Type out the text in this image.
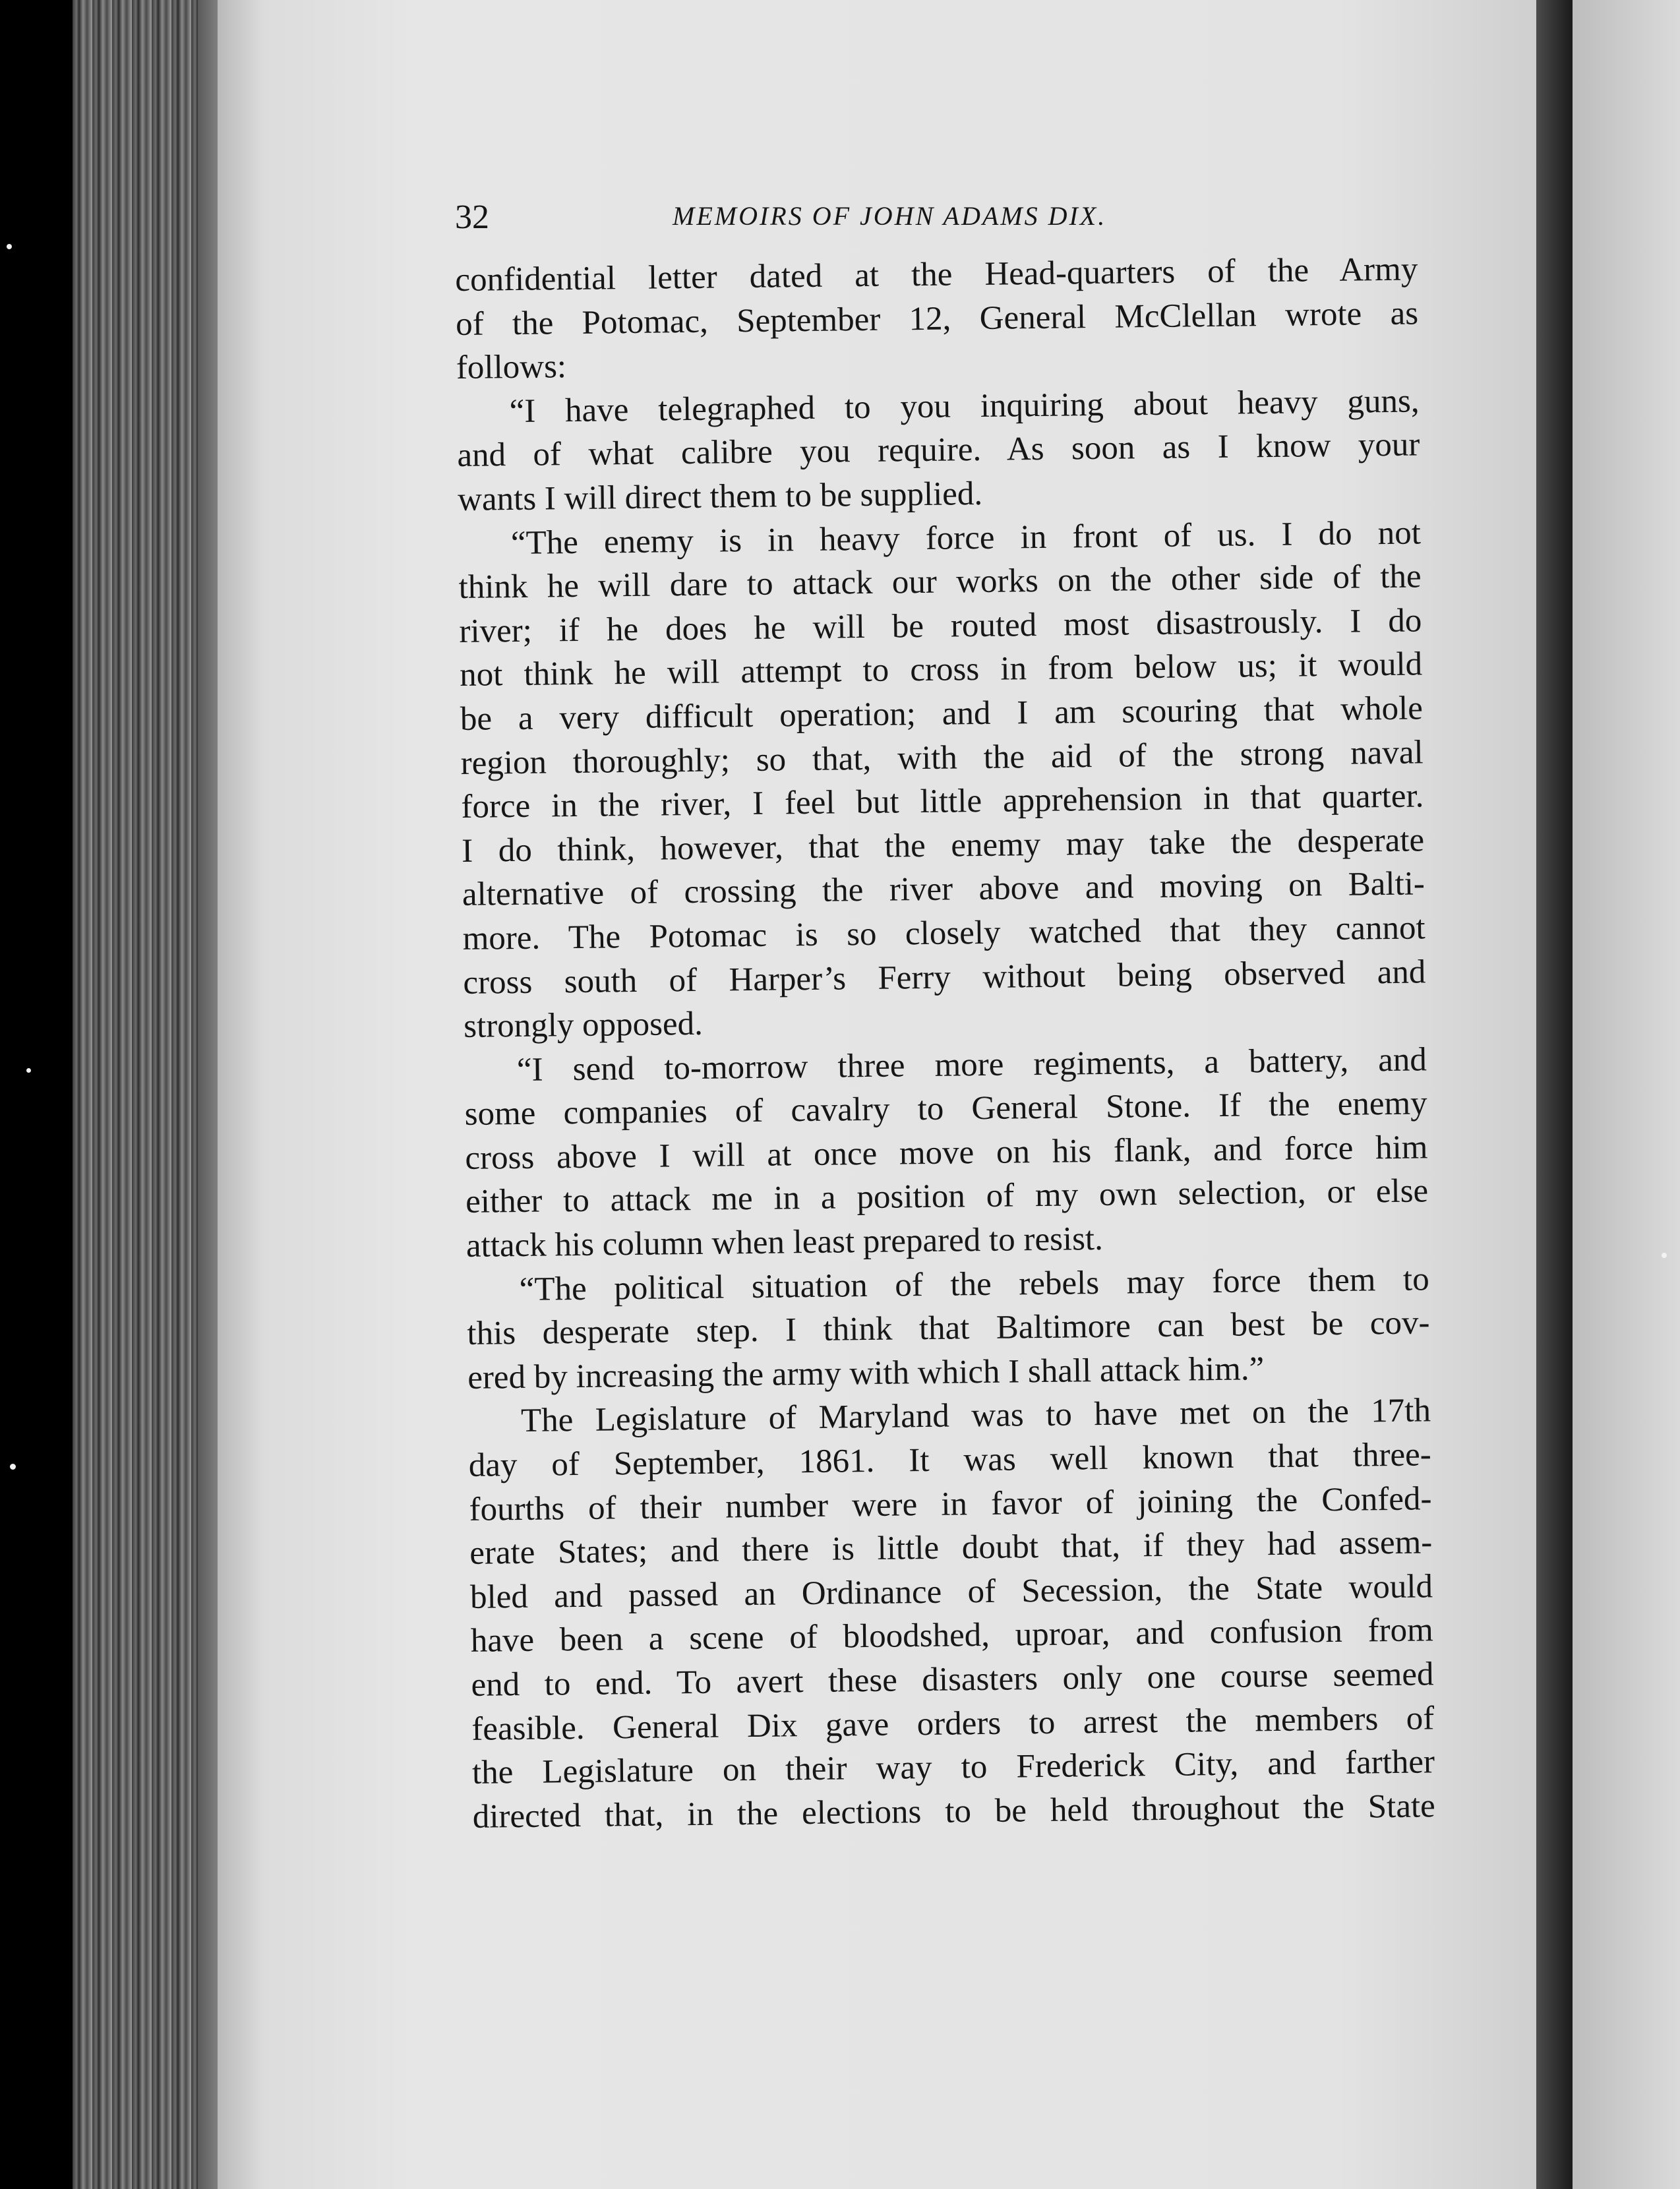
32	MEMOIRS OF JOHN ADAMS DIX.
confidential letter dated at the Head-quarters of the Army
of the Potomac, September 12, General McClellan wrote as
follows:
“I have telegraphed to you inquiring about heavy guns,
and of what calibre you require. As soon as I know your
wants I will direct them to be supplied.
“The enemy is in heavy force in front of us. I do not
think he will dare to attack our works on the other side of the
river; if he does he will be routed most disastrously. I do
not think he will attempt to cross in from below us; it would
be a very difficult operation; and I am scouring that whole
region thoroughly; so that, with the aid of the strong naval
force in the river, I feel but little apprehension in that quarter.
I do think, however, that the enemy may take the desperate
alternative of crossing the river above and moving on Balti-
more. The Potomac is so closely watched that they cannot
cross south of Harper’s Ferry without being observed and
strongly opposed.
“I send to-morrow three more regiments, a battery, and
some companies of cavalry to General Stone. If the enemy
cross above I will at once move on his flank, and force him
either to attack me in a position of my own selection, or else
attack his column when least prepared to resist.
“The political situation of the rebels may force them to
this desperate step. I think that Baltimore can best be cov-
ered by increasing the army with which I shall attack him.”
The Legislature of Maryland was to have met on the 17th
day of September, 1861. It was well known that three-
fourths of their number were in favor of joining the Confed-
erate States; and there is little doubt that, if they had assem-
bled and passed an Ordinance of Secession, the State would
have been a scene of bloodshed, uproar, and confusion from
end to end. To avert these disasters only one course seemed
feasible. General Dix gave orders to arrest the members of
the Legislature on their way to Frederick City, and farther
directed that, in the elections to be held throughout the State
